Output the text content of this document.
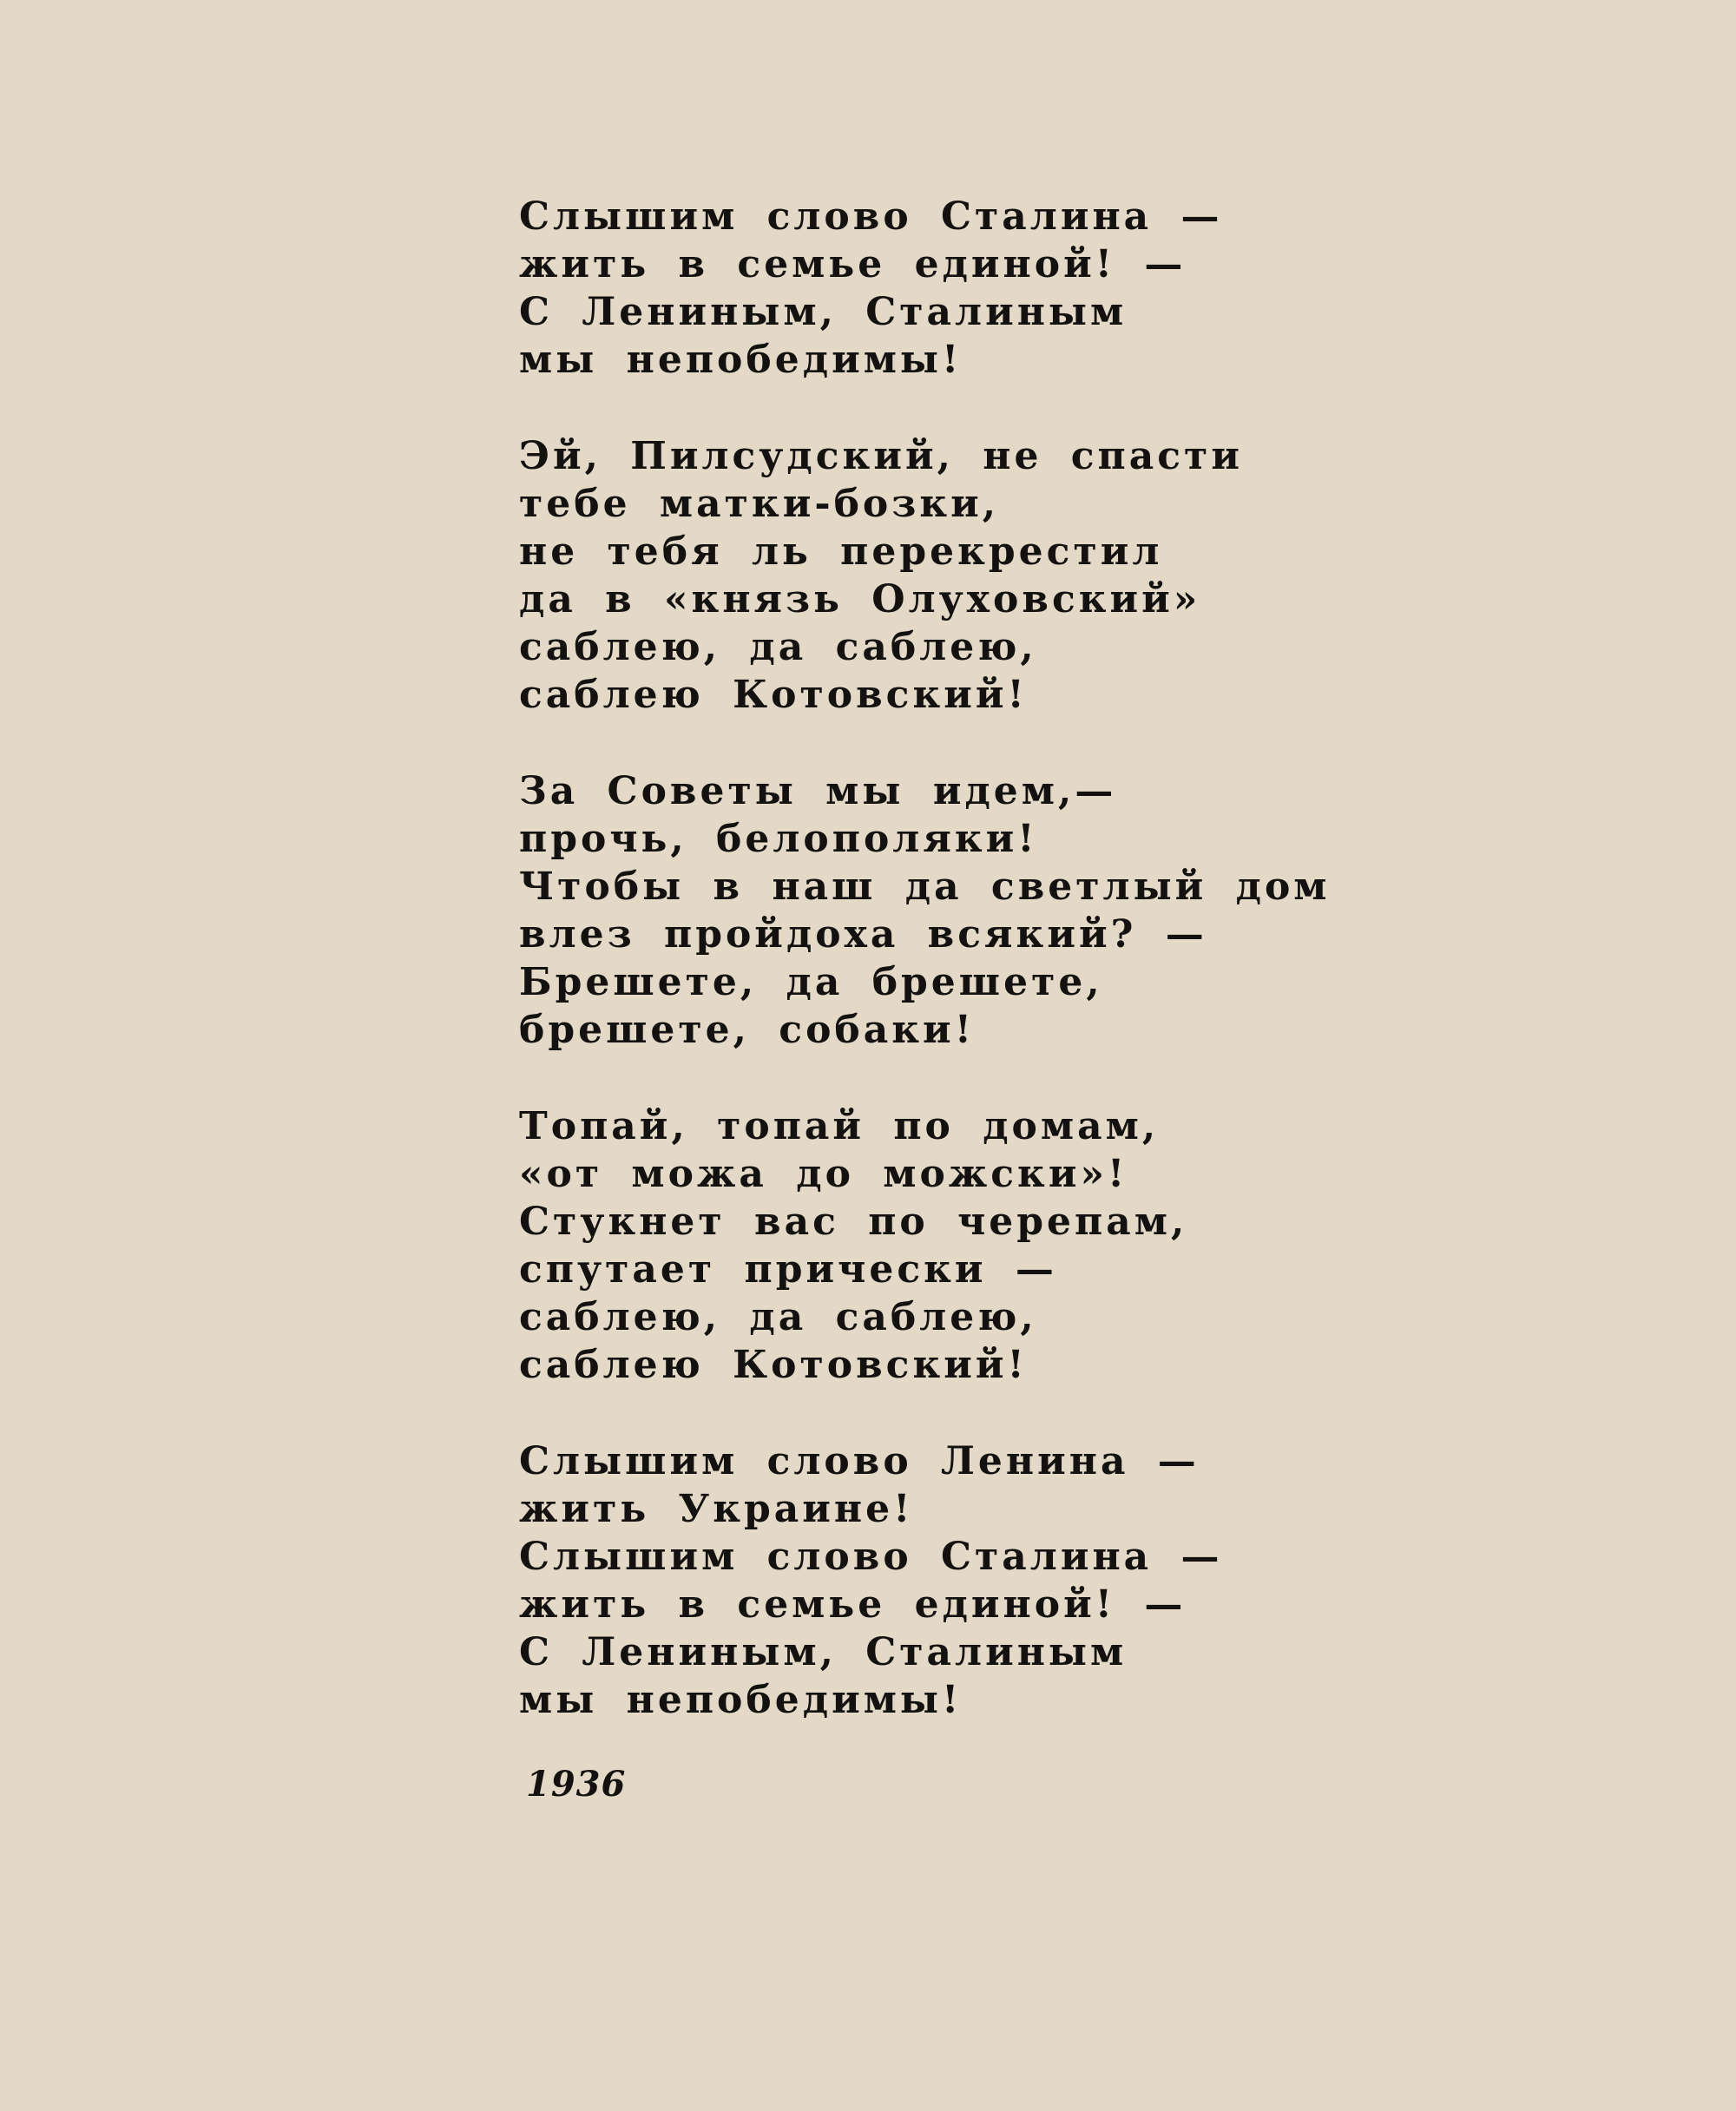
Слышим слово Сталина —
жить в семье единой! —
С Лениным, Сталиным
мы непобедимы!
Эй, Пилсудский, не спасти
тебе матки-бозки,
не тебя ль перекрестил
да в «князь Олуховский»
саблею, да саблею,
саблею Котовский!
За Советы мы идем,—
прочь, белополяки!
Чтобы в наш да светлый дом
влез пройдоха всякий? —
Брешете, да брешете,
брешете, собаки!
Топай, топай по домам,
«от можа до можски»!
Стукнет вас по черепам,
спутает прически —
саблею, да саблею,
саблею Котовский!
Слышим слово Ленина —
жить Украине!
Слышим слово Сталина —
жить в семье единой! —
С Лениным, Сталиным
мы непобедимы!
1936
